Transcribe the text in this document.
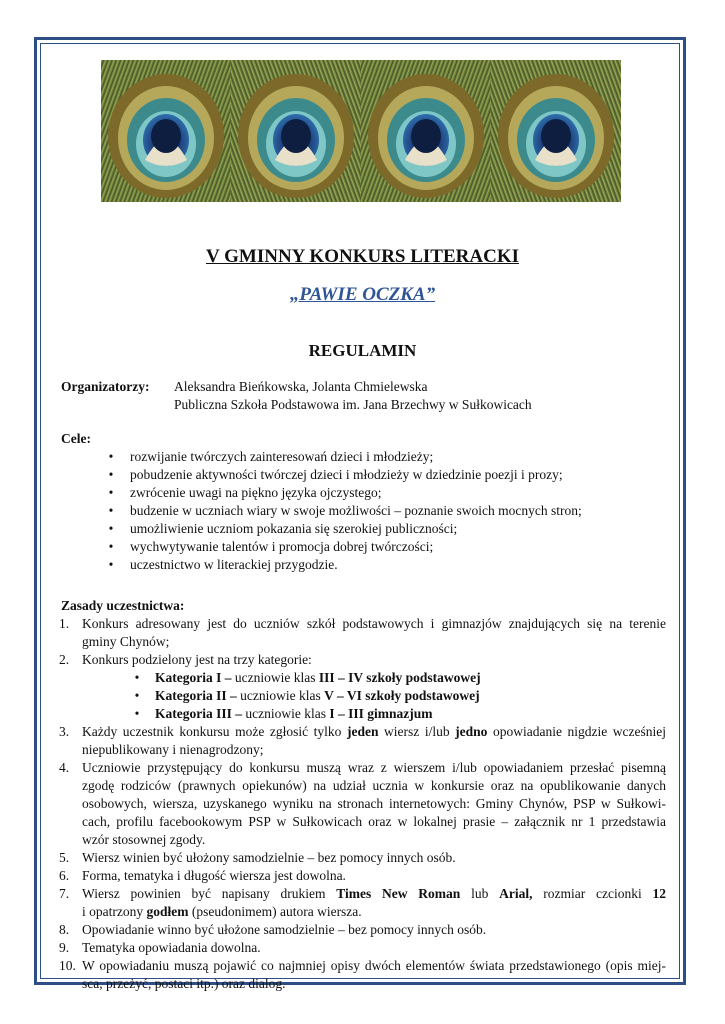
V GMINNY KONKURS LITERACKI
„PAWIE OCZKA”
REGULAMIN
Organizatorzy: Aleksandra Bieńkowska, Jolanta Chmielewska
Publiczna Szkoła Podstawowa im. Jana Brzechwy w Sułkowicach
Cele:
• rozwijanie twórczych zainteresowań dzieci i młodzieży;
• pobudzenie aktywności twórczej dzieci i młodzieży w dziedzinie poezji i prozy;
• zwrócenie uwagi na piękno języka ojczystego;
• budzenie w uczniach wiary w swoje możliwości – poznanie swoich mocnych stron;
• umożliwienie uczniom pokazania się szerokiej publiczności;
• wychwytywanie talentów i promocja dobrej twórczości;
• uczestnictwo w literackiej przygodzie.
Zasady uczestnictwa:
1. Konkurs adresowany jest do uczniów szkół podstawowych i gimnazjów znajdujących się na terenie
gminy Chynów;
2. Konkurs podzielony jest na trzy kategorie:
• Kategoria I – uczniowie klas III – IV szkoły podstawowej
• Kategoria II – uczniowie klas V – VI szkoły podstawowej
• Kategoria III – uczniowie klas I – III gimnazjum
3. Każdy uczestnik konkursu może zgłosić tylko jeden wiersz i/lub jedno opowiadanie nigdzie wcześniej
niepublikowany i nienagrodzony;
4. Uczniowie przystępujący do konkursu muszą wraz z wierszem i/lub opowiadaniem przesłać pisemną
zgodę rodziców (prawnych opiekunów) na udział ucznia w konkursie oraz na opublikowanie danych
osobowych, wiersza, uzyskanego wyniku na stronach internetowych: Gminy Chynów, PSP w Sułkowi-
cach, profilu facebookowym PSP w Sułkowicach oraz w lokalnej prasie – załącznik nr 1 przedstawia
wzór stosownej zgody.
5. Wiersz winien być ułożony samodzielnie – bez pomocy innych osób.
6. Forma, tematyka i długość wiersza jest dowolna.
7. Wiersz powinien być napisany drukiem Times New Roman lub Arial, rozmiar czcionki 12
i opatrzony godłem (pseudonimem) autora wiersza.
8. Opowiadanie winno być ułożone samodzielnie – bez pomocy innych osób.
9. Tematyka opowiadania dowolna.
10. W opowiadaniu muszą pojawić co najmniej opisy dwóch elementów świata przedstawionego (opis miej-
sca, przeżyć, postaci itp.) oraz dialog.
